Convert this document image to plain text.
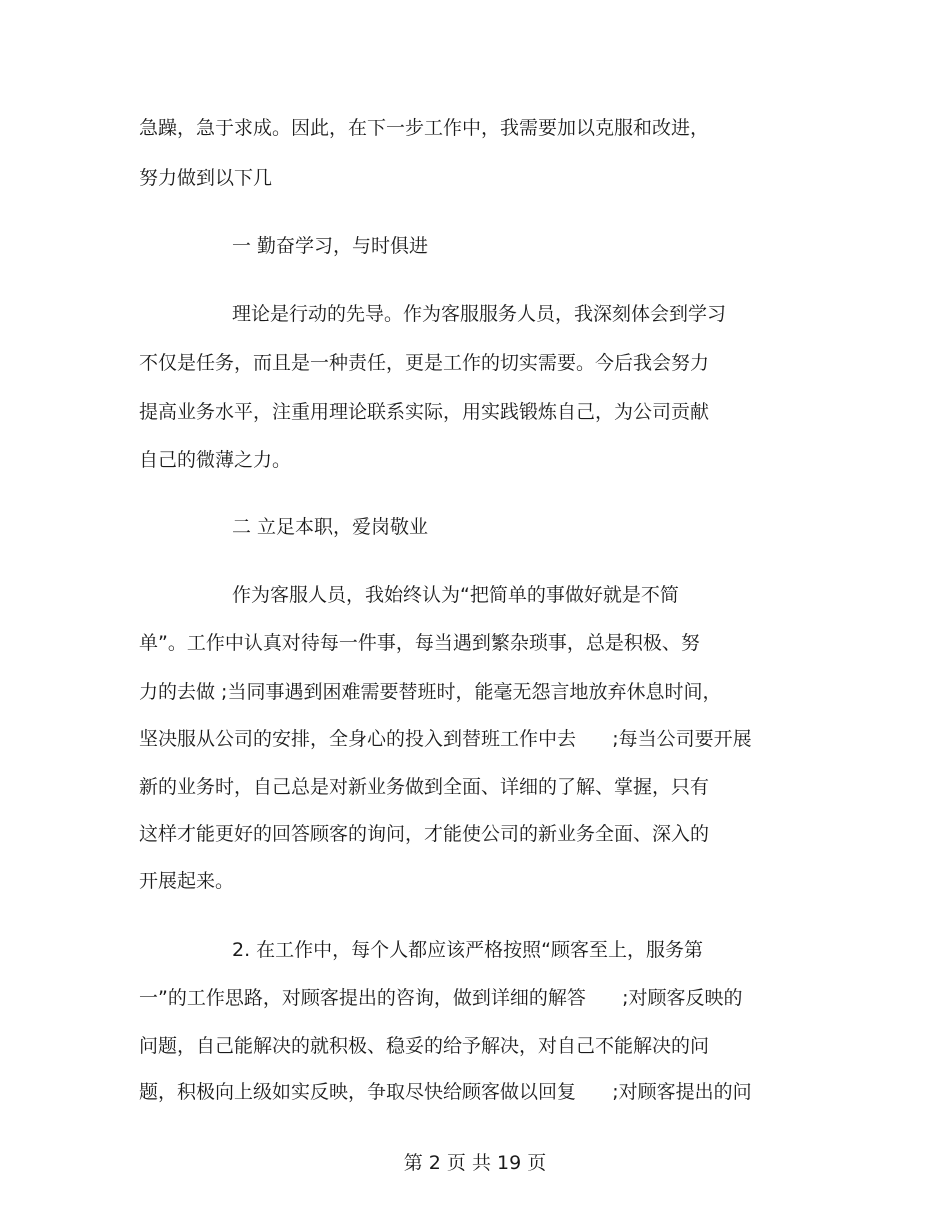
急躁，急于求成。因此，在下一步工作中，我需要加以克服和改进，
努力做到以下几
一 勤奋学习，与时俱进
理论是行动的先导。作为客服服务人员，我深刻体会到学习
不仅是任务，而且是一种责任，更是工作的切实需要。今后我会努力
提高业务水平，注重用理论联系实际，用实践锻炼自己，为公司贡献
自己的微薄之力。
二 立足本职，爱岗敬业
作为客服人员，我始终认为“把简单的事做好就是不简
单”。工作中认真对待每一件事，每当遇到繁杂琐事，总是积极、努
力的去做 ;当同事遇到困难需要替班时，能毫无怨言地放弃休息时间，
坚决服从公司的安排，全身心的投入到替班工作中去      ;每当公司要开展
新的业务时，自己总是对新业务做到全面、详细的了解、掌握，只有
这样才能更好的回答顾客的询问，才能使公司的新业务全面、深入的
开展起来。
2. 在工作中，每个人都应该严格按照“顾客至上，服务第
一”的工作思路，对顾客提出的咨询，做到详细的解答      ;对顾客反映的
问题，自己能解决的就积极、稳妥的给予解决，对自己不能解决的问
题，积极向上级如实反映，争取尽快给顾客做以回复      ;对顾客提出的问
第 2 页 共 19 页
